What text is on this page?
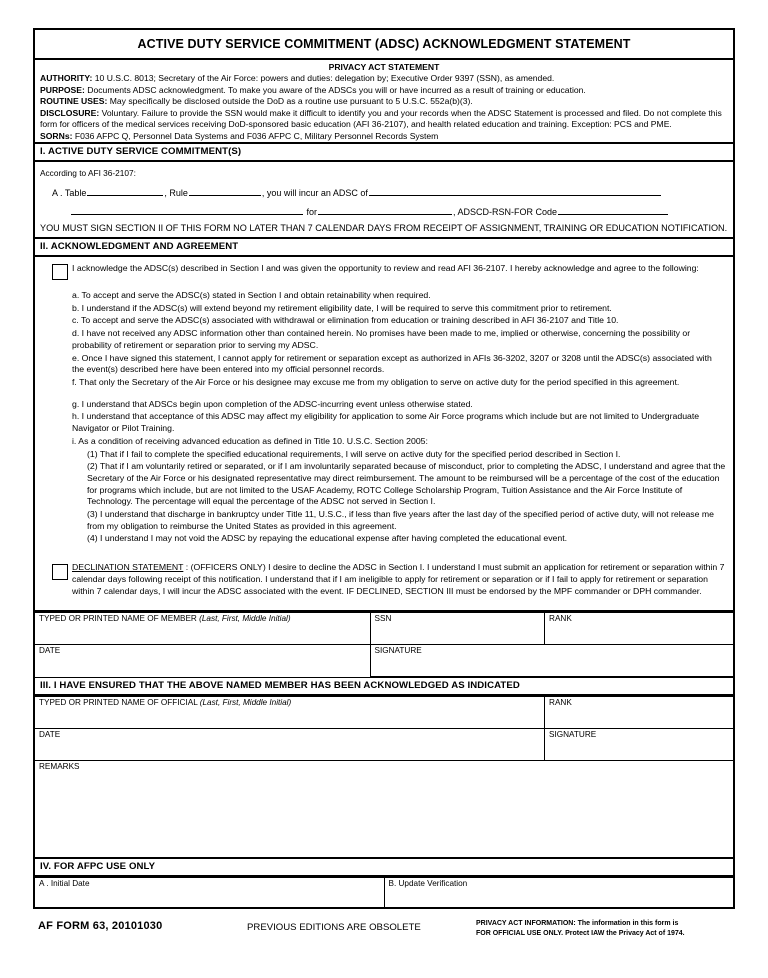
ACTIVE DUTY SERVICE COMMITMENT (ADSC) ACKNOWLEDGMENT STATEMENT
PRIVACY ACT STATEMENT
AUTHORITY: 10 U.S.C. 8013; Secretary of the Air Force: powers and duties: delegation by; Executive Order 9397 (SSN), as amended.
PURPOSE: Documents ADSC acknowledgment. To make you aware of the ADSCs you will or have incurred as a result of training or education.
ROUTINE USES: May specifically be disclosed outside the DoD as a routine use pursuant to 5 U.S.C. 552a(b)(3).
DISCLOSURE: Voluntary. Failure to provide the SSN would make it difficult to identify you and your records when the ADSC Statement is processed and filed. Do not complete this form for officers of the medical services receiving DoD-sponsored basic education (AFI 36-2107), and health related education and training. Exception: PCS and PME.
SORNs: F036 AFPC Q, Personnel Data Systems and F036 AFPC C, Military Personnel Records System
I. ACTIVE DUTY SERVICE COMMITMENT(S)
According to AFI 36-2107:
A . Table	, Rule	, you will incur an ADSC of
for	, ADSCD-RSN-FOR Code
YOU MUST SIGN SECTION II OF THIS FORM NO LATER THAN 7 CALENDAR DAYS FROM RECEIPT OF ASSIGNMENT, TRAINING OR EDUCATION NOTIFICATION.
II. ACKNOWLEDGMENT AND AGREEMENT
I acknowledge the ADSC(s) described in Section I and was given the opportunity to review and read AFI 36-2107. I hereby acknowledge and agree to the following:
a. To accept and serve the ADSC(s) stated in Section I and obtain retainability when required.
b. I understand if the ADSC(s) will extend beyond my retirement eligibility date, I will be required to serve this commitment prior to retirement.
c. To accept and serve the ADSC(s) associated with withdrawal or elimination from education or training described in AFI 36-2107 and Title 10.
d. I have not received any ADSC information other than contained herein. No promises have been made to me, implied or otherwise, concerning the possibility or probability of retirement or separation prior to serving my ADSC.
e. Once I have signed this statement, I cannot apply for retirement or separation except as authorized in AFIs 36-3202, 3207 or 3208 until the ADSC(s) associated with the event(s) described here have been entered into my official personnel records.
f. That only the Secretary of the Air Force or his designee may excuse me from my obligation to serve on active duty for the period specified in this agreement.
g. I understand that ADSCs begin upon completion of the ADSC-incurring event unless otherwise stated.
h. I understand that acceptance of this ADSC may affect my eligibility for application to some Air Force programs which include but are not limited to Undergraduate Navigator or Pilot Training.
i. As a condition of receiving advanced education as defined in Title 10. U.S.C. Section 2005:
(1) That if I fail to complete the specified educational requirements, I will serve on active duty for the specified period described in Section I.
(2) That if I am voluntarily retired or separated, or if I am involuntarily separated because of misconduct, prior to completing the ADSC, I understand and agree that the Secretary of the Air Force or his designated representative may direct reimbursement. The amount to be reimbursed will be a percentage of the cost of the education for programs which include, but are not limited to the USAF Academy, ROTC College Scholarship Program, Tuition Assistance and the Air Force Institute of Technology. The percentage will equal the percentage of the ADSC not served in Section I.
(3) I understand that discharge in bankruptcy under Title 11, U.S.C., if less than five years after the last day of the specified period of active duty, will not release me from my obligation to reimburse the United States as provided in this agreement.
(4) I understand I may not void the ADSC by repaying the educational expense after having completed the educational event.
DECLINATION STATEMENT : (OFFICERS ONLY) I desire to decline the ADSC in Section I. I understand I must submit an application for retirement or separation within 7 calendar days following receipt of this notification. I understand that if I am ineligible to apply for retirement or separation or if I fail to apply for retirement or separation within 7 calendar days, I will incur the ADSC associated with the event. IF DECLINED, SECTION III must be endorsed by the MPF commander or DPH commander.
TYPED OR PRINTED NAME OF MEMBER (Last, First, Middle Initial)	SSN	RANK
DATE	SIGNATURE	
III. I HAVE ENSURED THAT THE ABOVE NAMED MEMBER HAS BEEN ACKNOWLEDGED AS INDICATED
TYPED OR PRINTED NAME OF OFFICIAL (Last, First, Middle Initial)	RANK
DATE	SIGNATURE
REMARKS	
IV. FOR AFPC USE ONLY
A . Initial Date	B. Update Verification
AF FORM 63, 20101030	PREVIOUS EDITIONS ARE OBSOLETE	PRIVACY ACT INFORMATION: The information in this form is
FOR OFFICIAL USE ONLY. Protect IAW the Privacy Act of 1974.
